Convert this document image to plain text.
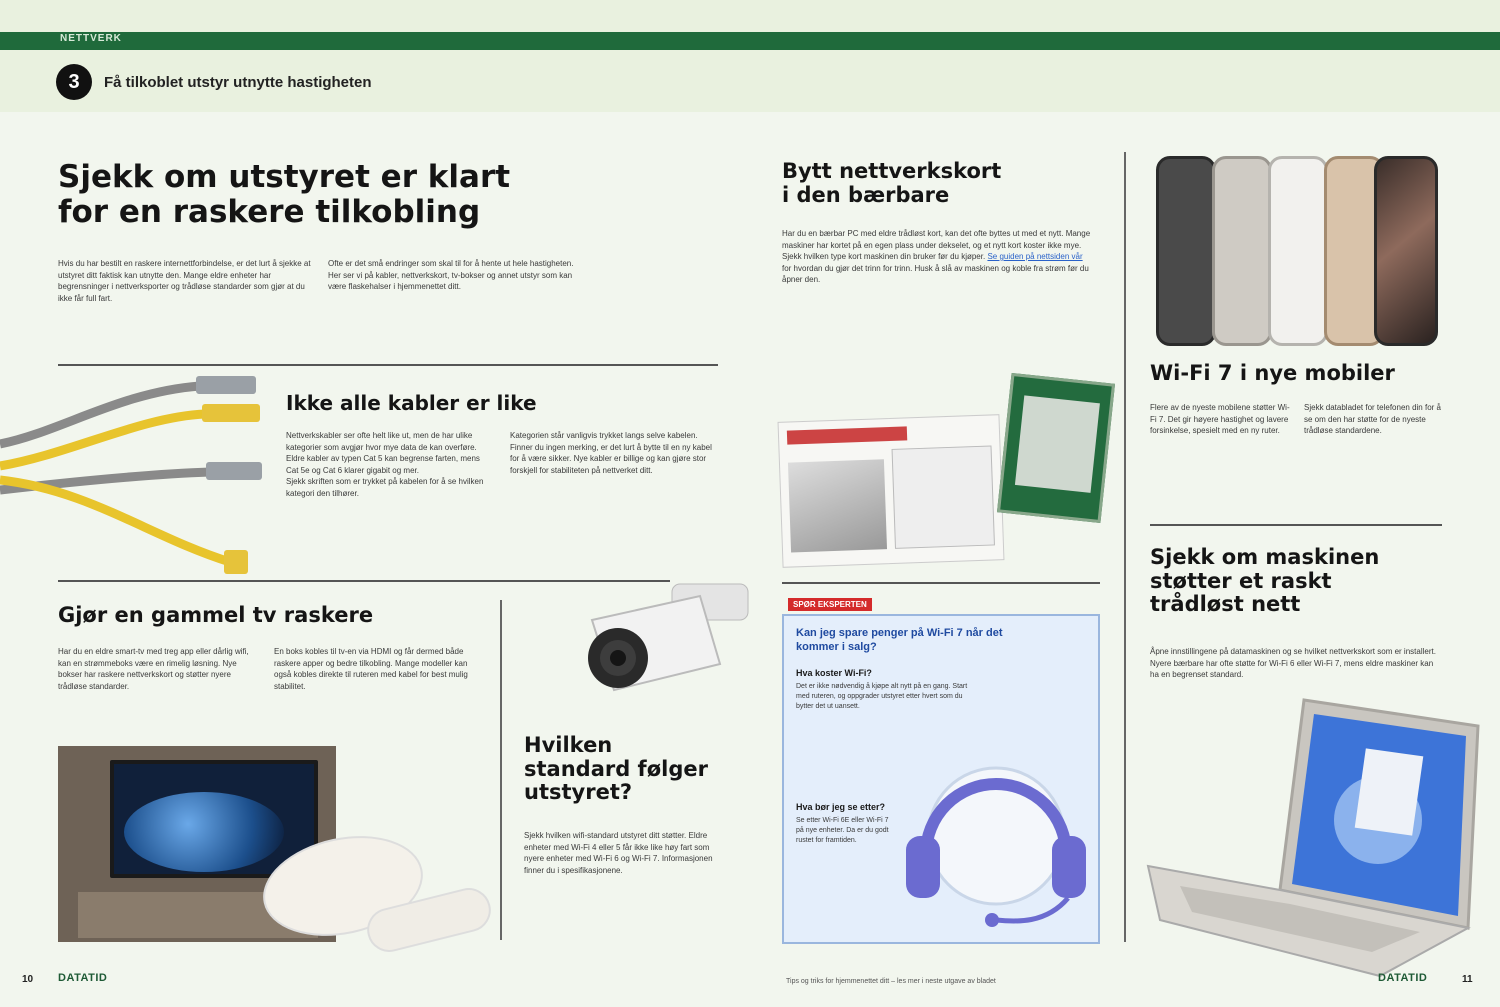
NETTVERK
3	Få tilkoblet utstyr utnytte hastigheten
Sjekk om utstyret er klart
for en raskere tilkobling
Hvis du har bestilt en raskere internettforbindelse, er det lurt å sjekke at utstyret ditt faktisk kan utnytte den. Mange eldre enheter har begrensninger i nettverksporter og trådløse standarder som gjør at du ikke får full fart.
Ofte er det små endringer som skal til for å hente ut hele hastigheten. Her ser vi på kabler, nettverkskort, tv-bokser og annet utstyr som kan være flaskehalser i hjemmenettet ditt.
Ikke alle kabler er like
Nettverkskabler ser ofte helt like ut, men de har ulike kategorier som avgjør hvor mye data de kan overføre. Eldre kabler av typen Cat 5 kan begrense farten, mens Cat 5e og Cat 6 klarer gigabit og mer.
Sjekk skriften som er trykket på kabelen for å se hvilken kategori den tilhører.
Kategorien står vanligvis trykket langs selve kabelen. Finner du ingen merking, er det lurt å bytte til en ny kabel for å være sikker. Nye kabler er billige og kan gjøre stor forskjell for stabiliteten på nettverket ditt.
Gjør en gammel tv raskere
Har du en eldre smart-tv med treg app eller dårlig wifi, kan en strømmeboks være en rimelig løsning. Nye bokser har raskere nettverkskort og støtter nyere trådløse standarder.
En boks kobles til tv-en via HDMI og får dermed både raskere apper og bedre tilkobling. Mange modeller kan også kobles direkte til ruteren med kabel for best mulig stabilitet.
Hvilken
standard følger
utstyret?
Sjekk hvilken wifi-standard utstyret ditt støtter. Eldre enheter med Wi-Fi 4 eller 5 får ikke like høy fart som nyere enheter med Wi-Fi 6 og Wi-Fi 7. Informasjonen finner du i spesifikasjonene.
Bytt nettverkskort
i den bærbare
Har du en bærbar PC med eldre trådløst kort, kan det ofte byttes ut med et nytt. Mange maskiner har kortet på en egen plass under dekselet, og et nytt kort koster ikke mye. Sjekk hvilken type kort maskinen din bruker før du kjøper. Se guiden på nettsiden vår for hvordan du gjør det trinn for trinn. Husk å slå av maskinen og koble fra strøm før du åpner den.
SPØR EKSPERTEN
Kan jeg spare penger på Wi-Fi 7 når det kommer i salg?
Hva koster Wi-Fi?
Det er ikke nødvendig å kjøpe alt nytt på en gang. Start med ruteren, og oppgrader utstyret etter hvert som du bytter det ut uansett.
Hva bør jeg se etter?
Se etter Wi-Fi 6E eller Wi-Fi 7 på nye enheter. Da er du godt rustet for framtiden.
Wi-Fi 7 i nye mobiler
Flere av de nyeste mobilene støtter Wi-Fi 7. Det gir høyere hastighet og lavere forsinkelse, spesielt med en ny ruter.
Sjekk databladet for telefonen din for å se om den har støtte for de nyeste trådløse standardene.
Sjekk om maskinen
støtter et raskt
trådløst nett
Åpne innstillingene på datamaskinen og se hvilket nettverkskort som er installert. Nyere bærbare har ofte støtte for Wi-Fi 6 eller Wi-Fi 7, mens eldre maskiner kan ha en begrenset standard.
10 DATATID	Tips og triks for hjemmenettet ditt – les mer i neste utgave av bladet	DATATID	11
